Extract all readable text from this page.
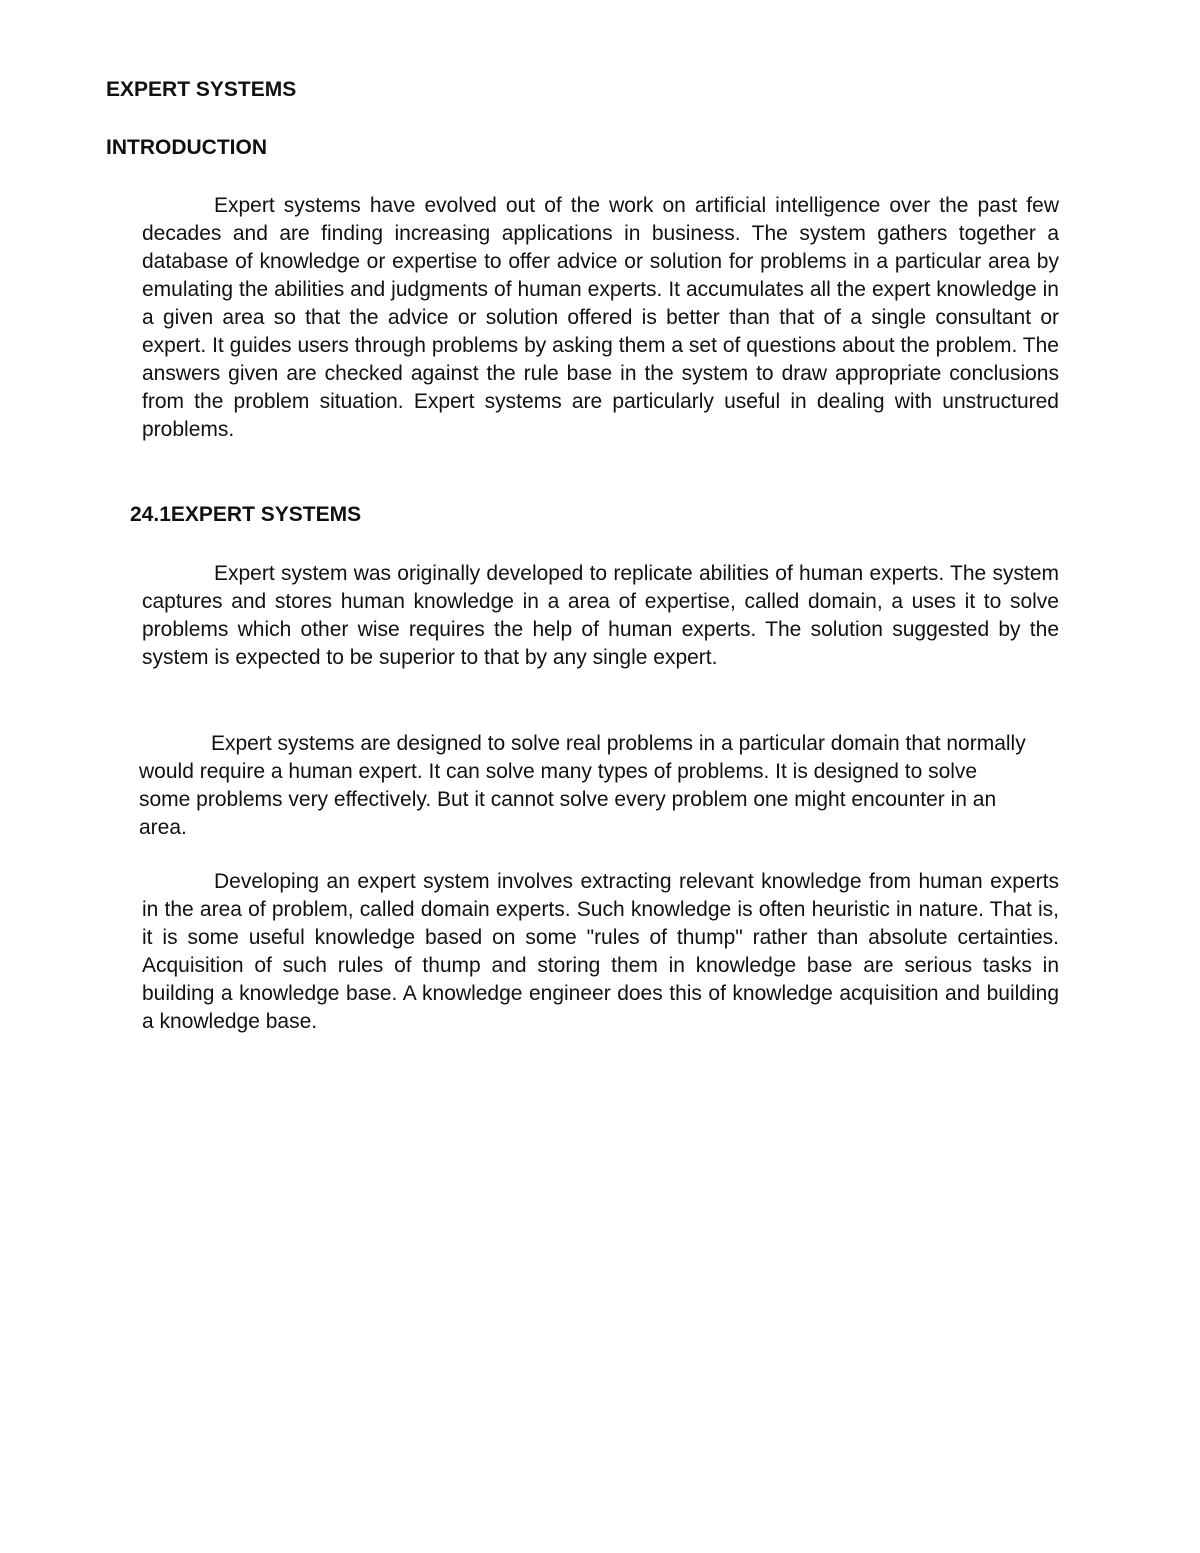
EXPERT SYSTEMS
INTRODUCTION

Expert systems have evolved out of the work on artificial intelligence over the past few decades and are finding increasing applications in business. The system gathers together a database of knowledge or expertise to offer advice or solution for problems in a particular area by emulating the abilities and judgments of human experts. It accumulates all the expert knowledge in a given area so that the advice or solution offered is better than that of a single consultant or expert. It guides users through problems by asking them a set of questions about the problem. The answers given are checked against the rule base in the system to draw appropriate conclusions from the problem situation. Expert systems are particularly useful in dealing with unstructured problems.

24.1EXPERT SYSTEMS

Expert system was originally developed to replicate abilities of human experts. The system captures and stores human knowledge in a area of expertise, called domain, a uses it to solve problems which other wise requires the help of human experts. The solution suggested by the system is expected to be superior to that by any single expert.

Expert systems are designed to solve real problems in a particular domain that normally would require a human expert. It can solve many types of problems. It is designed to solve some problems very effectively. But it cannot solve every problem one might encounter in an area.

Developing an expert system involves extracting relevant knowledge from human experts in the area of problem, called domain experts. Such knowledge is often heuristic in nature. That is, it is some useful knowledge based on some "rules of thump" rather than absolute certainties. Acquisition of such rules of thump and storing them in knowledge base are serious tasks in building a knowledge base. A knowledge engineer does this of knowledge acquisition and building a knowledge base.
